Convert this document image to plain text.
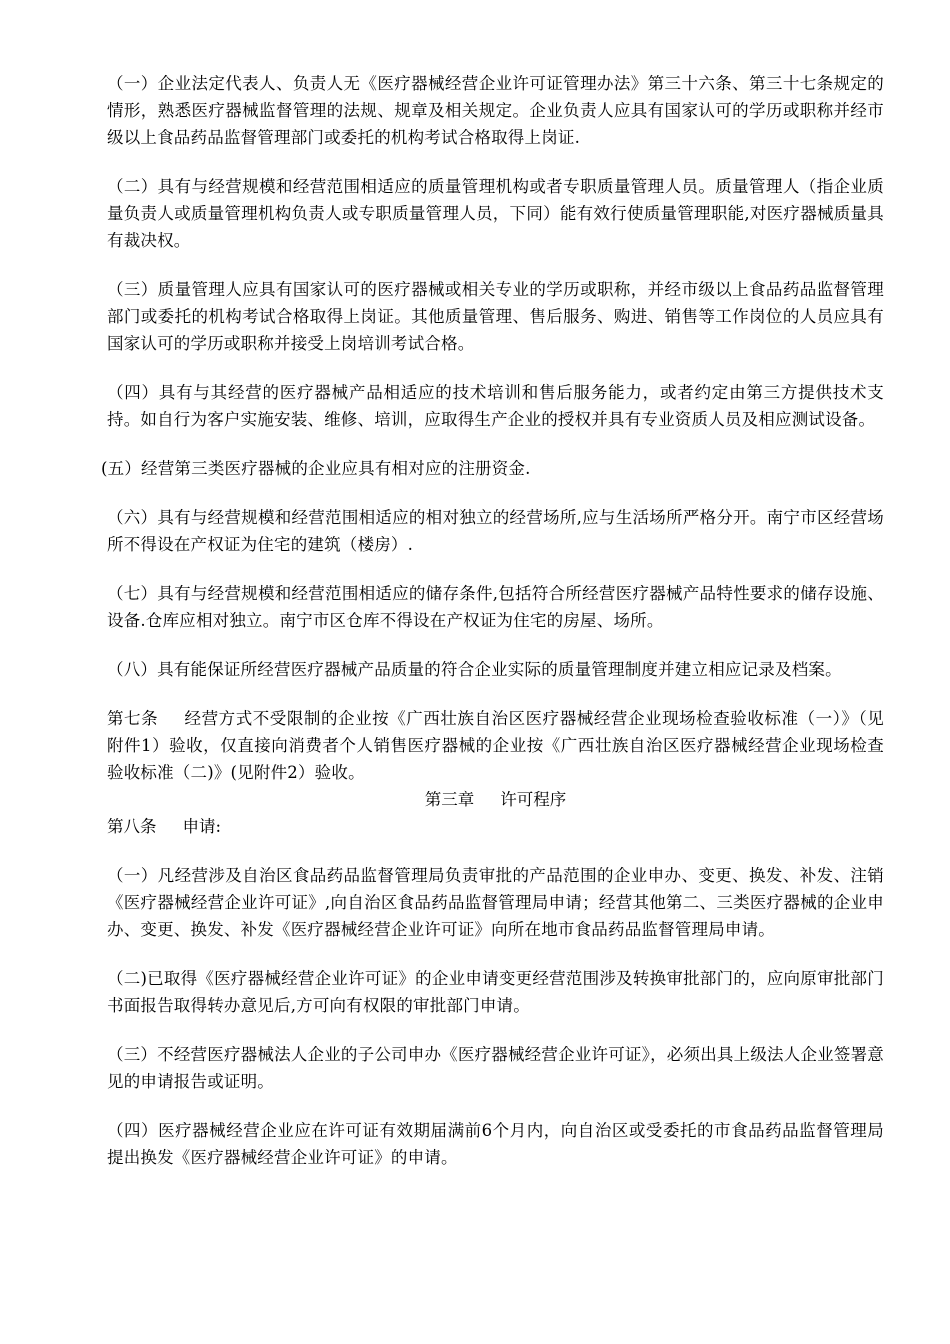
（一）企业法定代表人、负责人无《医疗器械经营企业许可证管理办法》第三十六条、第三十七条规定的情形，熟悉医疗器械监督管理的法规、规章及相关规定。企业负责人应具有国家认可的学历或职称并经市级以上食品药品监督管理部门或委托的机构考试合格取得上岗证.

（二）具有与经营规模和经营范围相适应的质量管理机构或者专职质量管理人员。质量管理人（指企业质量负责人或质量管理机构负责人或专职质量管理人员，下同）能有效行使质量管理职能,对医疗器械质量具有裁决权。

（三）质量管理人应具有国家认可的医疗器械或相关专业的学历或职称，并经市级以上食品药品监督管理部门或委托的机构考试合格取得上岗证。其他质量管理、售后服务、购进、销售等工作岗位的人员应具有国家认可的学历或职称并接受上岗培训考试合格。

（四）具有与其经营的医疗器械产品相适应的技术培训和售后服务能力，或者约定由第三方提供技术支持。如自行为客户实施安装、维修、培训，应取得生产企业的授权并具有专业资质人员及相应测试设备。

(五）经营第三类医疗器械的企业应具有相对应的注册资金.

（六）具有与经营规模和经营范围相适应的相对独立的经营场所,应与生活场所严格分开。南宁市区经营场所不得设在产权证为住宅的建筑（楼房）.

（七）具有与经营规模和经营范围相适应的储存条件,包括符合所经营医疗器械产品特性要求的储存设施、设备.仓库应相对独立。南宁市区仓库不得设在产权证为住宅的房屋、场所。

（八）具有能保证所经营医疗器械产品质量的符合企业实际的质量管理制度并建立相应记录及档案。

第七条 经营方式不受限制的企业按《广西壮族自治区医疗器械经营企业现场检查验收标准（一）》（见附件1）验收，仅直接向消费者个人销售医疗器械的企业按《广西壮族自治区医疗器械经营企业现场检查验收标准（二)》(见附件2）验收。

第三章 许可程序

第八条 申请:

（一）凡经营涉及自治区食品药品监督管理局负责审批的产品范围的企业申办、变更、换发、补发、注销《医疗器械经营企业许可证》,向自治区食品药品监督管理局申请；经营其他第二、三类医疗器械的企业申办、变更、换发、补发《医疗器械经营企业许可证》向所在地市食品药品监督管理局申请。

（二)已取得《医疗器械经营企业许可证》的企业申请变更经营范围涉及转换审批部门的，应向原审批部门书面报告取得转办意见后,方可向有权限的审批部门申请。

（三）不经营医疗器械法人企业的子公司申办《医疗器械经营企业许可证》，必须出具上级法人企业签署意见的申请报告或证明。

（四）医疗器械经营企业应在许可证有效期届满前6个月内，向自治区或受委托的市食品药品监督管理局提出换发《医疗器械经营企业许可证》的申请。
